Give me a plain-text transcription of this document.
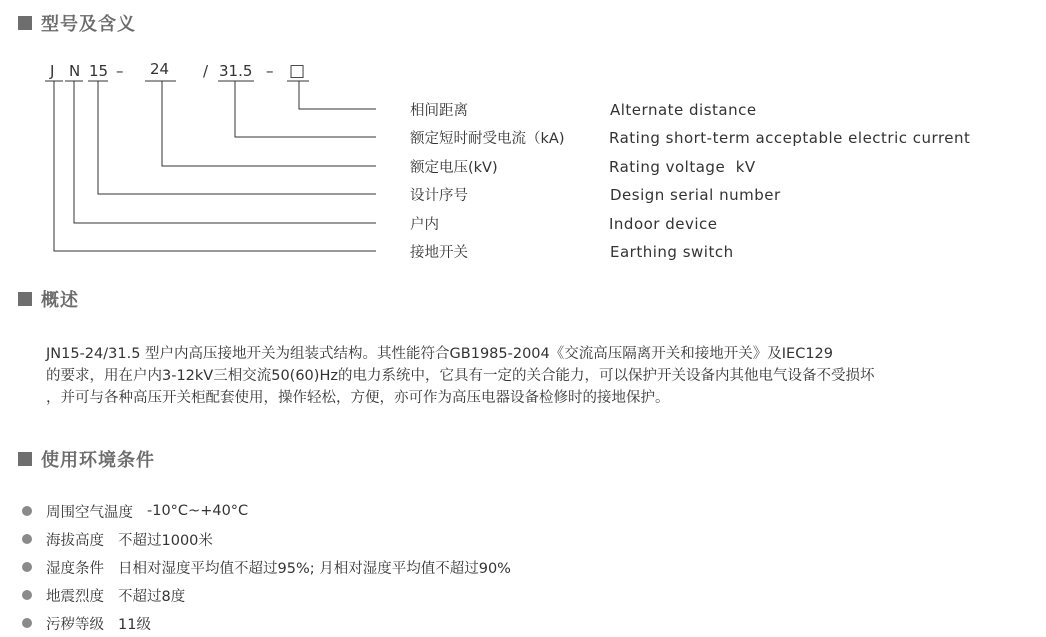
型号及含义
J N 15 – 24 / 31.5 – □
相间距离
额定短时耐受电流（kA)
额定电压(kV)
设计序号
户内
接地开关
Alternate distance
Rating short-term acceptable electric current
Rating voltage  kV
Design serial number
Indoor device
Earthing switch
概述

JN15-24/31.5 型户内高压接地开关为组装式结构。其性能符合GB1985-2004《交流高压隔离开关和接地开关》及IEC129

的要求，用在户内3-12kV三相交流50(60)Hz的电力系统中，它具有一定的关合能力，可以保护开关设备内其他电气设备不受损坏

，并可与各种高压开关柜配套使用，操作轻松，方便，亦可作为高压电器设备检修时的接地保护。

使用环境条件
周围空气温度 -10°C~+40°C
海拔高度 不超过1000米
湿度条件 日相对湿度平均值不超过95%; 月相对湿度平均值不超过90%
地震烈度 不超过8度
污秽等级 11级
